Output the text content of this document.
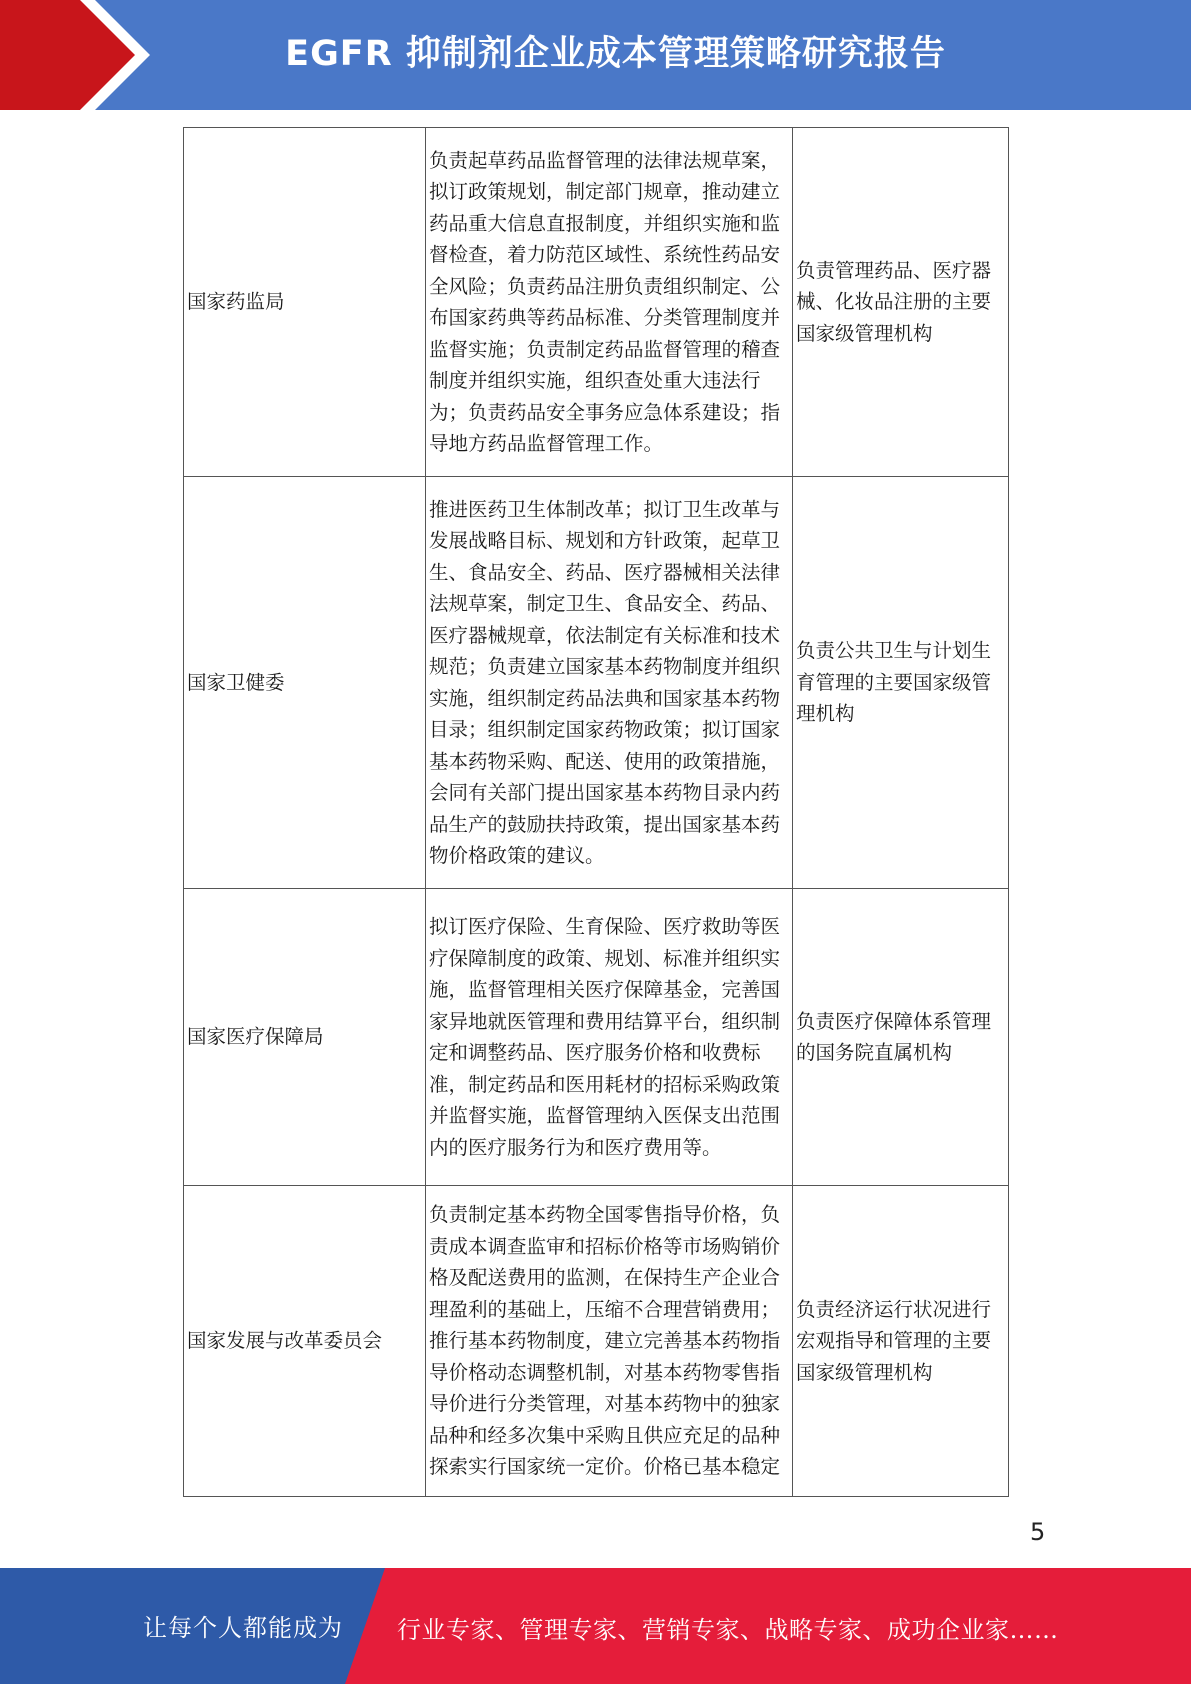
EGFR 抑制剂企业成本管理策略研究报告
国家药监局	负责起草药品监督管理的法律法规草案，拟订政策规划，制定部门规章，推动建立药品重大信息直报制度，并组织实施和监督检查，着力防范区域性、系统性药品安全风险；负责药品注册负责组织制定、公布国家药典等药品标准、分类管理制度并监督实施；负责制定药品监督管理的稽查制度并组织实施，组织查处重大违法行为；负责药品安全事务应急体系建设；指导地方药品监督管理工作。	负责管理药品、医疗器械、化妆品注册的主要国家级管理机构
国家卫健委	推进医药卫生体制改革；拟订卫生改革与发展战略目标、规划和方针政策，起草卫生、食品安全、药品、医疗器械相关法律法规草案，制定卫生、食品安全、药品、医疗器械规章，依法制定有关标准和技术规范；负责建立国家基本药物制度并组织实施，组织制定药品法典和国家基本药物目录；组织制定国家药物政策；拟订国家基本药物采购、配送、使用的政策措施，会同有关部门提出国家基本药物目录内药品生产的鼓励扶持政策，提出国家基本药物价格政策的建议。	负责公共卫生与计划生育管理的主要国家级管理机构
国家医疗保障局	拟订医疗保险、生育保险、医疗救助等医疗保障制度的政策、规划、标准并组织实施，监督管理相关医疗保障基金，完善国家异地就医管理和费用结算平台，组织制定和调整药品、医疗服务价格和收费标准，制定药品和医用耗材的招标采购政策并监督实施，监督管理纳入医保支出范围内的医疗服务行为和医疗费用等。	负责医疗保障体系管理的国务院直属机构
国家发展与改革委员会	负责制定基本药物全国零售指导价格，负责成本调查监审和招标价格等市场购销价格及配送费用的监测，在保持生产企业合理盈利的基础上，压缩不合理营销费用；推行基本药物制度，建立完善基本药物指导价格动态调整机制，对基本药物零售指导价进行分类管理，对基本药物中的独家品种和经多次集中采购且供应充足的品种探索实行国家统一定价。价格已基本稳定	负责经济运行状况进行宏观指导和管理的主要国家级管理机构
5
让每个人都能成为 行业专家、管理专家、营销专家、战略专家、成功企业家……
